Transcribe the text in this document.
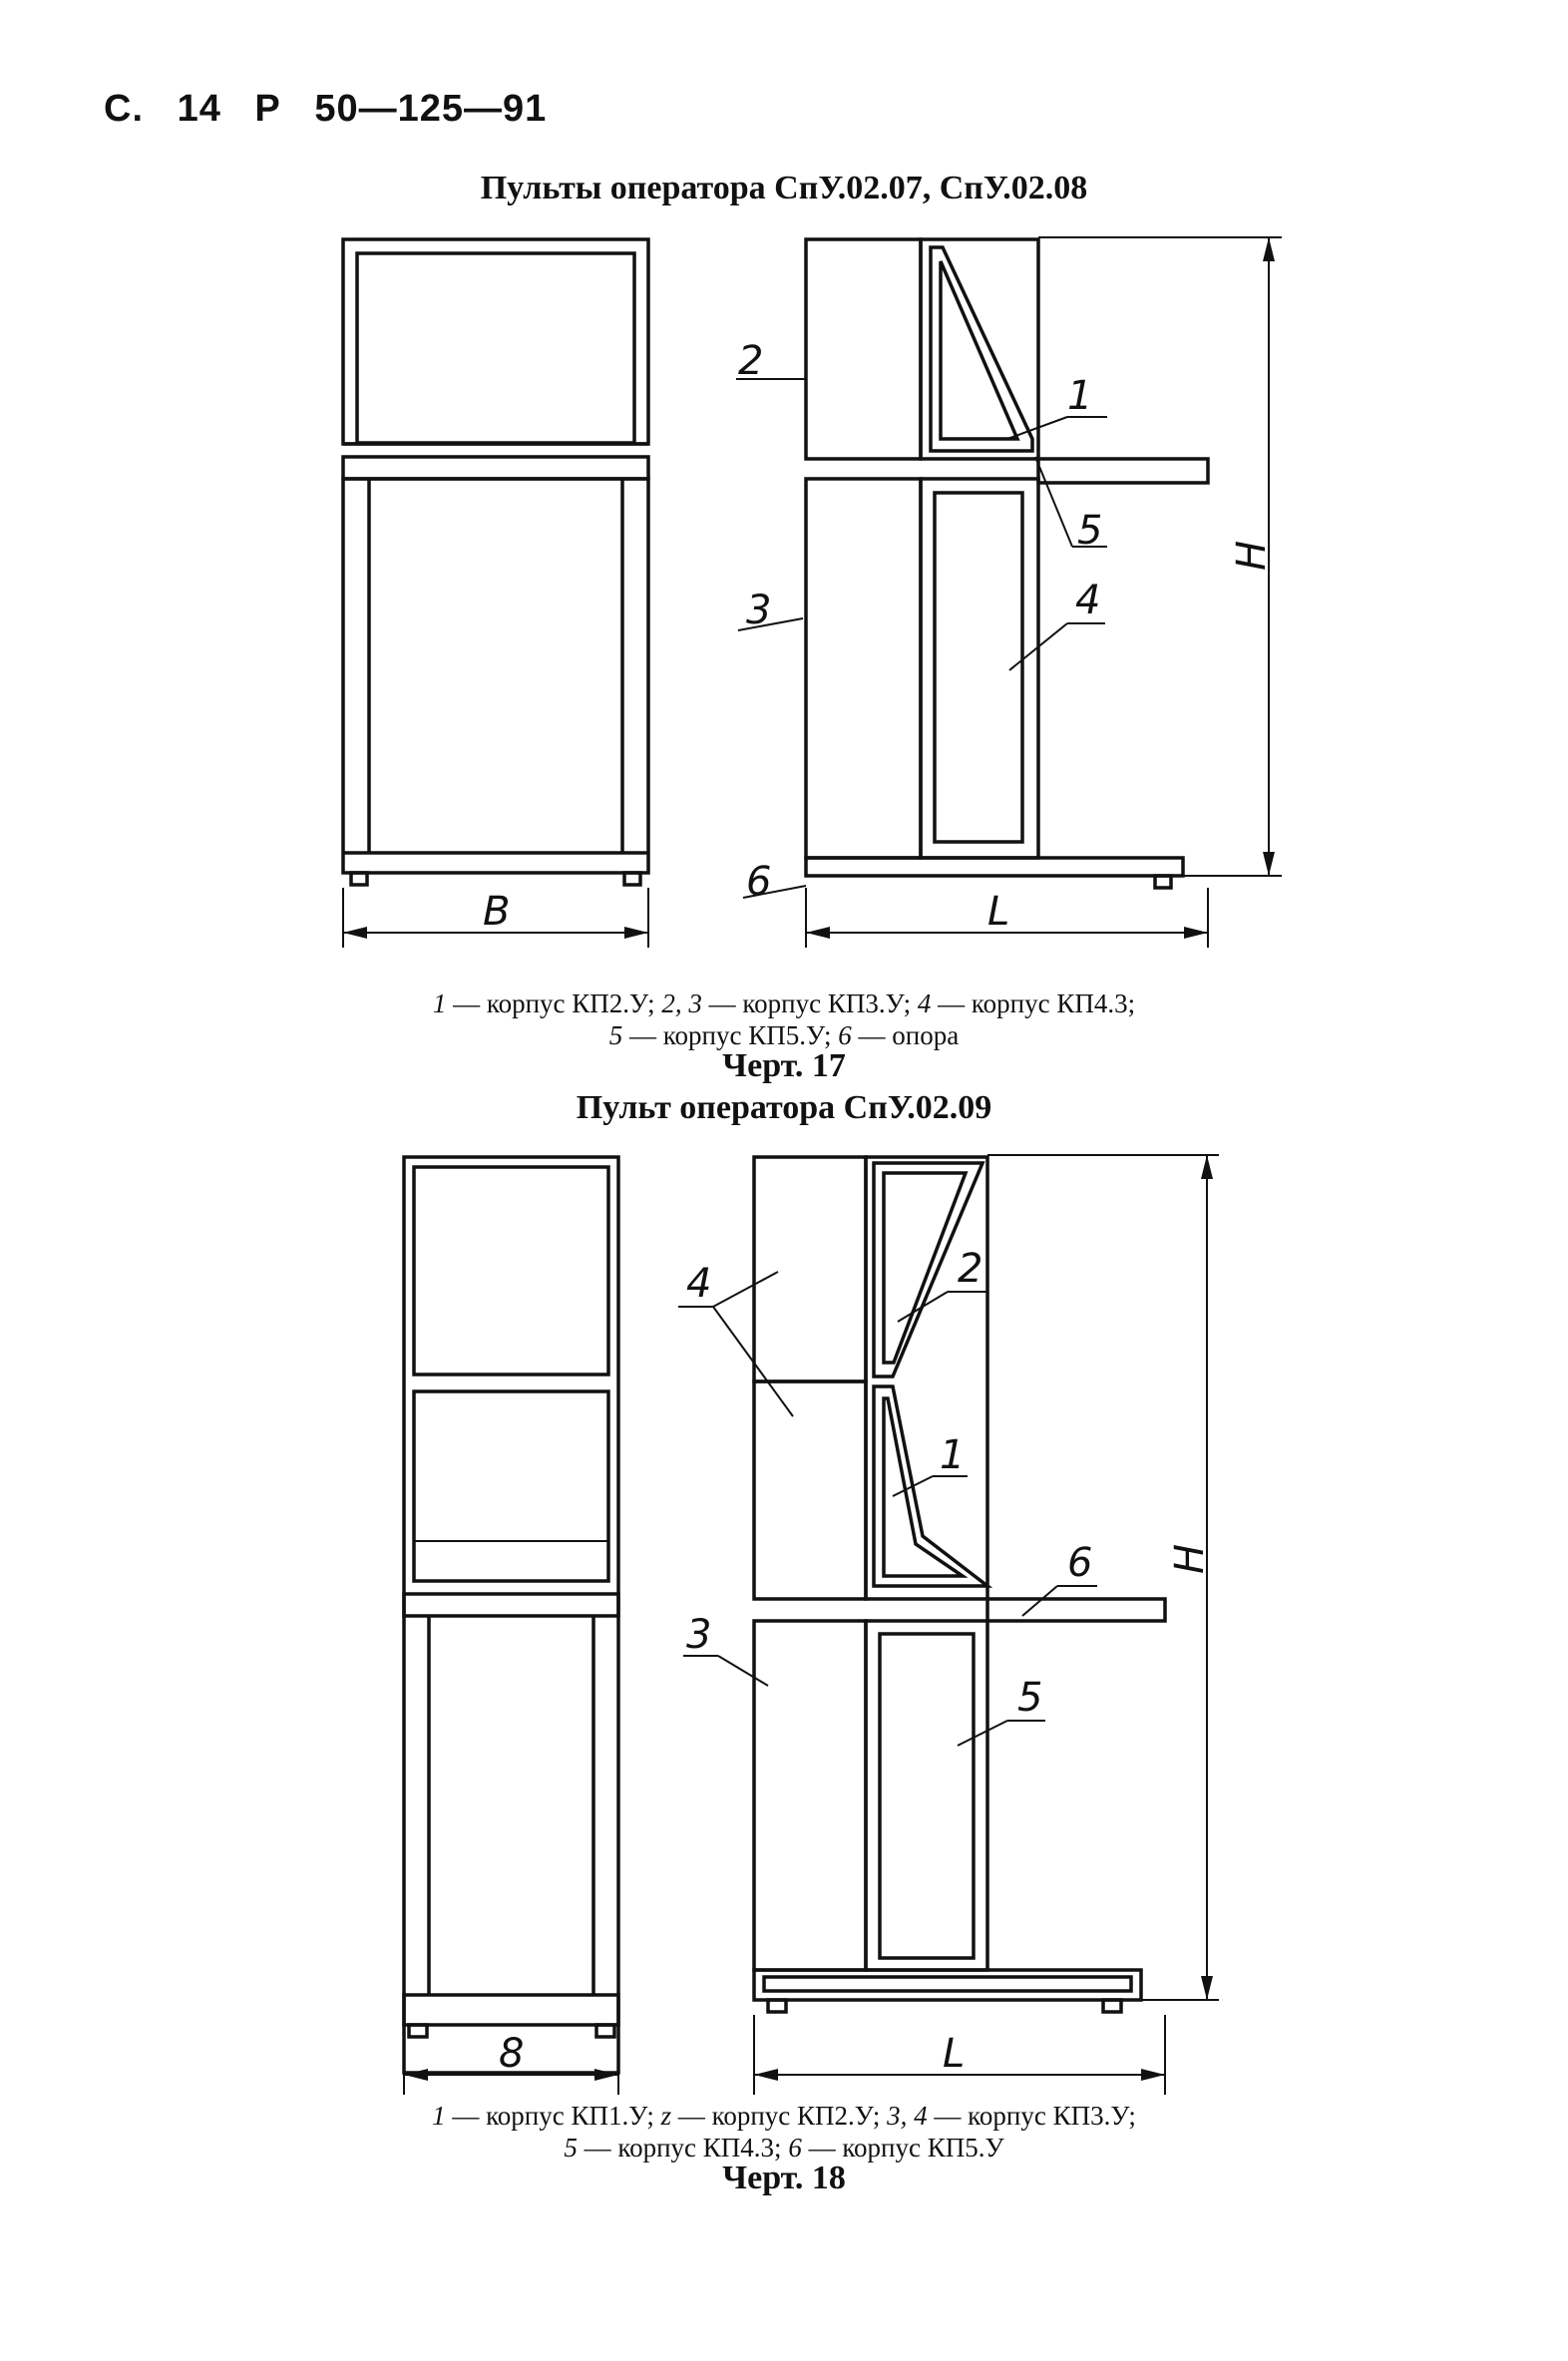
С. 14 Р 50—125—91
Пульты оператора СпУ.02.07, СпУ.02.08
2
1
5
3	4
6
B	L
H
1 — корпус КП2.У; 2, 3 — корпус КП3.У; 4 — корпус КП4.3;
5 — корпус КП5.У; 6 — опора
Черт. 17
Пульт оператора СпУ.02.09
4	2
1
6
3
5
8	L
H
1 — корпус КП1.У; z — корпус КП2.У; 3, 4 — корпус КП3.У;
5 — корпус КП4.3; 6 — корпус КП5.У
Черт. 18
